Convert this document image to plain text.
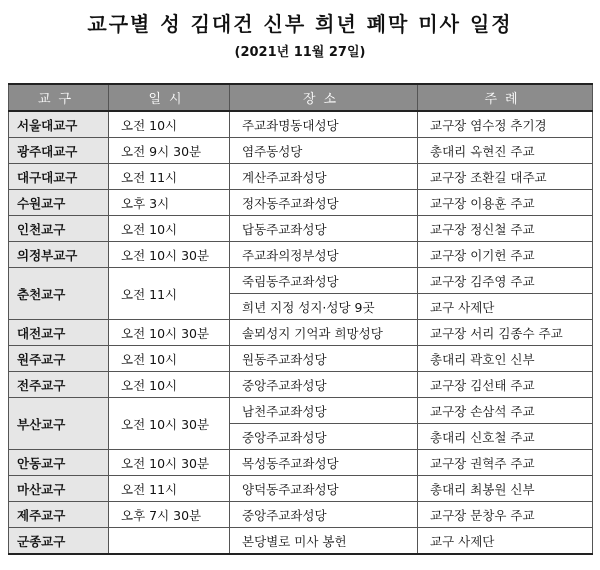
교구별 성 김대건 신부 희년 폐막 미사 일정
(2021년 11월 27일)
교구	일시	장소	주례
서울대교구	오전 10시	주교좌명동대성당	교구장 염수정 추기경
광주대교구	오전 9시 30분	염주동성당	총대리 옥현진 주교
대구대교구	오전 11시	계산주교좌성당	교구장 조환길 대주교
수원교구	오후 3시	정자동주교좌성당	교구장 이용훈 주교
인천교구	오전 10시	답동주교좌성당	교구장 정신철 주교
의정부교구	오전 10시 30분	주교좌의정부성당	교구장 이기헌 주교
춘천교구	오전 11시	죽림동주교좌성당	교구장 김주영 주교
		희년 지정 성지·성당 9곳	교구 사제단
대전교구	오전 10시 30분	솔뫼성지 기억과 희망성당	교구장 서리 김종수 주교
원주교구	오전 10시	원동주교좌성당	총대리 곽호인 신부
전주교구	오전 10시	중앙주교좌성당	교구장 김선태 주교
부산교구	오전 10시 30분	남천주교좌성당	교구장 손삼석 주교
		중앙주교좌성당	총대리 신호철 주교
안동교구	오전 10시 30분	목성동주교좌성당	교구장 권혁주 주교
마산교구	오전 11시	양덕동주교좌성당	총대리 최봉원 신부
제주교구	오후 7시 30분	중앙주교좌성당	교구장 문창우 주교
군종교구		본당별로 미사 봉헌	교구 사제단
